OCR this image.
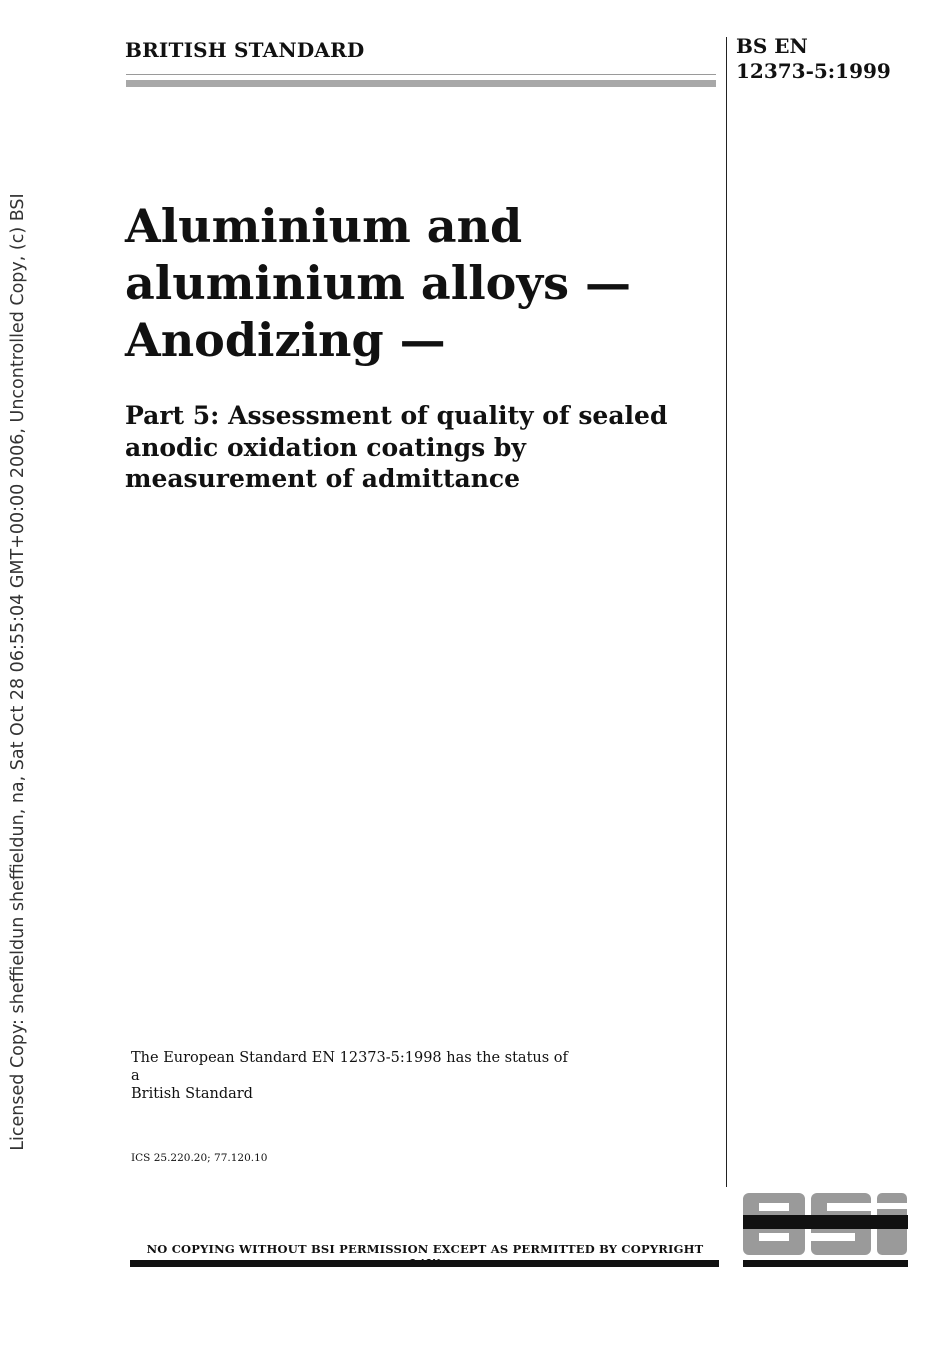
BRITISH STANDARD	BS EN
12373-5:1999
Aluminium and
aluminium alloys —
Anodizing —
Part 5: Assessment of quality of sealed
anodic oxidation coatings by
measurement of admittance
The European Standard EN 12373-5:1998 has the status of a
British Standard
ICS 25.220.20; 77.120.10
NO COPYING WITHOUT BSI PERMISSION EXCEPT AS PERMITTED BY COPYRIGHT
Licensed Copy: sheffieldun sheffieldun, na, Sat Oct 28 06:55:04 GMT+00:00 2006, Uncontrolled Copy, (c) BSI
